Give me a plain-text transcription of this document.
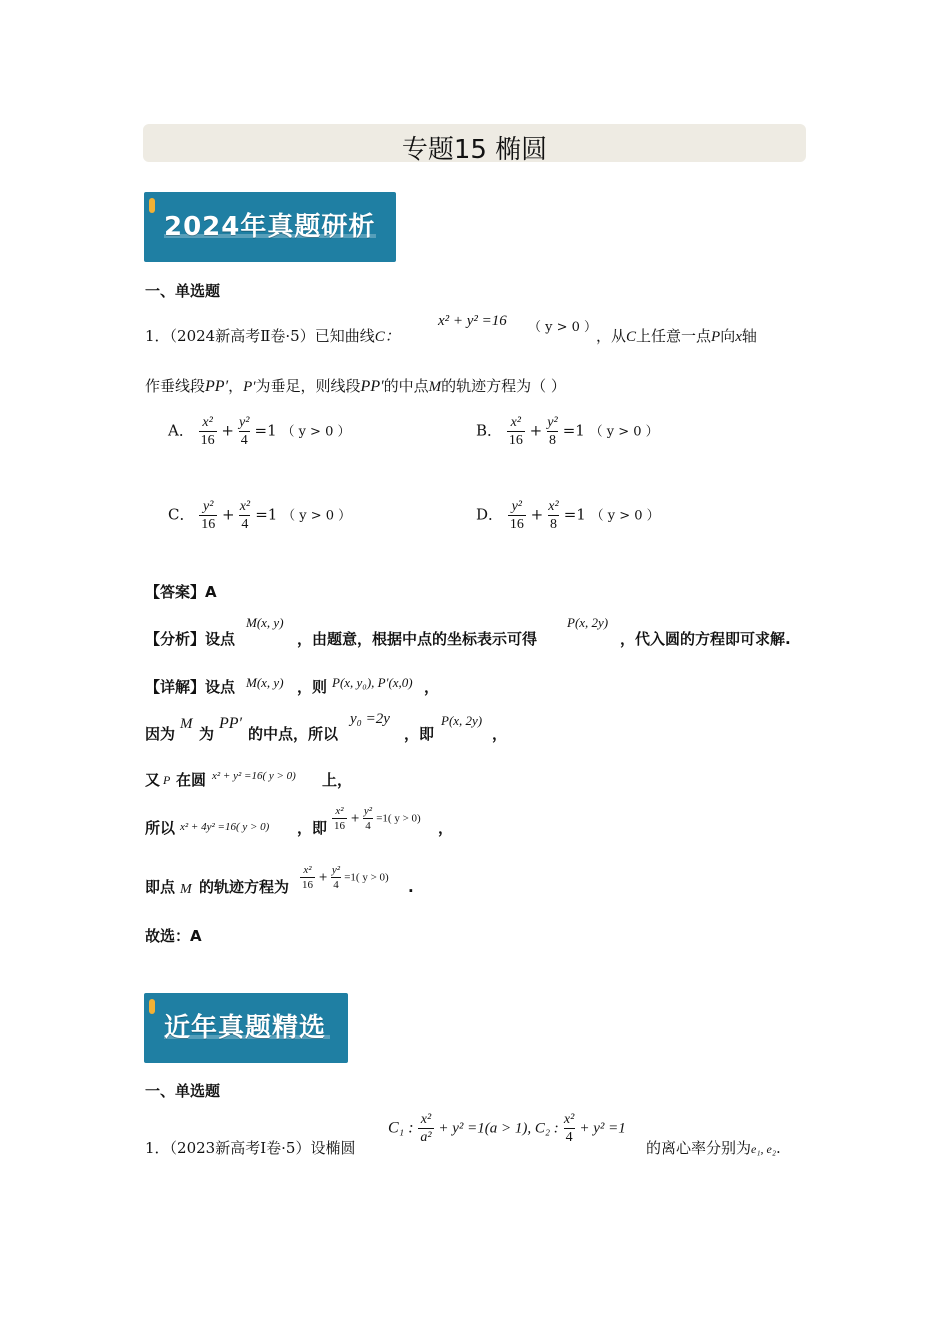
专题15 椭圆
2024年真题研析
一、单选题
1．（2024新高考Ⅱ卷·5）已知曲线C：
x² + y² =16 （ y > 0 ）
，从C上任意一点P向x轴
作垂线段PP′，P′为垂足，则线段PP′的中点M的轨迹方程为（ ）
A． $\frac{\text{x²}}{16} + \frac{\text{y²}}{4} =1$ （ y > 0 ）	B． $\frac{\text{x²}}{16} + \frac{\text{y²}}{8} =1$ （ y > 0 ）
C． $\frac{\text{y²}}{16} + \frac{\text{x²}}{4} =1$ （ y > 0 ）	D． $\frac{\text{y²}}{16} + \frac{\text{x²}}{8} =1$ （ y > 0 ）
【答案】A
【分析】设点
M(x, y)
，由题意，根据中点的坐标表示可得
P(x, 2y)
，代入圆的方程即可求解.
【详解】设点 M(x, y) ，则 P(x, y₀), P′(x,0) ，
因为
M
为
PP′
的中点，所以
y₀ =2y
，即
P(x, 2y)
，
又 P 在圆 x² + y² =16( y > 0) 上，
所以 x² + 4y² =16( y > 0) ，即 $\frac{\text{x²}}{16} + \frac{\text{y²}}{4} =1$( y > 0)
，
即点 M 的轨迹方程为 $\frac{\text{x²}}{16} + \frac{\text{y²}}{4} =1$( y > 0)
.
故选：A
近年真题精选
一、单选题
1．（2023新高考Ⅰ卷·5）设椭圆
C₁ : $\frac{\text{x²}}{\text{a²}} + y^2 =1(a > 1)$, C₂ : $\frac{\text{x²}}{4} + y^2 =1$
的离心率分别为e₁, e₂.
